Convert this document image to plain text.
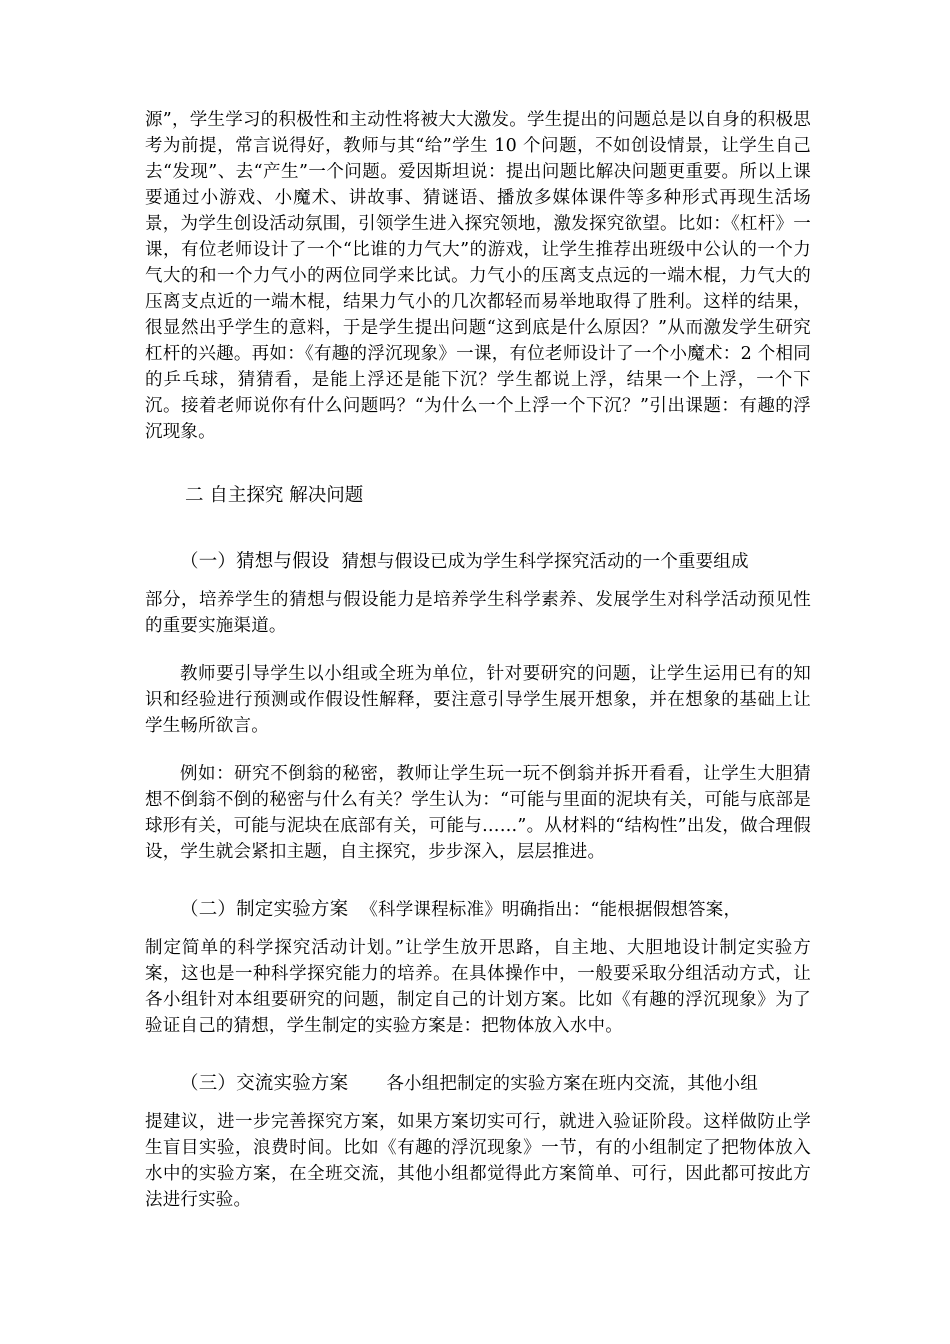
源”，学生学习的积极性和主动性将被大大激发。学生提出的问题总是以自身的积极思考为前提，常言说得好，教师与其“给”学生 10 个问题，不如创设情景，让学生自己去“发现”、去“产生”一个问题。爱因斯坦说：提出问题比解决问题更重要。所以上课要通过小游戏、小魔术、讲故事、猜谜语、播放多媒体课件等多种形式再现生活场景，为学生创设活动氛围，引领学生进入探究领地，激发探究欲望。比如：《杠杆》一课，有位老师设计了一个“比谁的力气大”的游戏，让学生推荐出班级中公认的一个力气大的和一个力气小的两位同学来比试。力气小的压离支点远的一端木棍，力气大的压离支点近的一端木棍，结果力气小的几次都轻而易举地取得了胜利。这样的结果，很显然出乎学生的意料，于是学生提出问题“这到底是什么原因？”从而激发学生研究杠杆的兴趣。再如：《有趣的浮沉现象》一课，有位老师设计了一个小魔术：2 个相同的乒乓球，猜猜看，是能上浮还是能下沉？学生都说上浮，结果一个上浮，一个下沉。接着老师说你有什么问题吗？“为什么一个上浮一个下沉？”引出课题：有趣的浮沉现象。

二 自主探究 解决问题

（一）猜想与假设 猜想与假设已成为学生科学探究活动的一个重要组成

部分，培养学生的猜想与假设能力是培养学生科学素养、发展学生对科学活动预见性的重要实施渠道。

教师要引导学生以小组或全班为单位，针对要研究的问题，让学生运用已有的知识和经验进行预测或作假设性解释，要注意引导学生展开想象，并在想象的基础上让学生畅所欲言。

例如：研究不倒翁的秘密，教师让学生玩一玩不倒翁并拆开看看，让学生大胆猜想不倒翁不倒的秘密与什么有关？学生认为：“可能与里面的泥块有关，可能与底部是球形有关，可能与泥块在底部有关，可能与……”。从材料的“结构性”出发，做合理假设，学生就会紧扣主题，自主探究，步步深入，层层推进。

（二）制定实验方案 《科学课程标准》明确指出：“能根据假想答案，

制定简单的科学探究活动计划。”让学生放开思路，自主地、大胆地设计制定实验方案，这也是一种科学探究能力的培养。在具体操作中，一般要采取分组活动方式，让各小组针对本组要研究的问题，制定自己的计划方案。比如《有趣的浮沉现象》为了验证自己的猜想，学生制定的实验方案是：把物体放入水中。

（三）交流实验方案 各小组把制定的实验方案在班内交流，其他小组

提建议，进一步完善探究方案，如果方案切实可行，就进入验证阶段。这样做防止学生盲目实验，浪费时间。比如《有趣的浮沉现象》一节，有的小组制定了把物体放入水中的实验方案，在全班交流，其他小组都觉得此方案简单、可行，因此都可按此方法进行实验。
